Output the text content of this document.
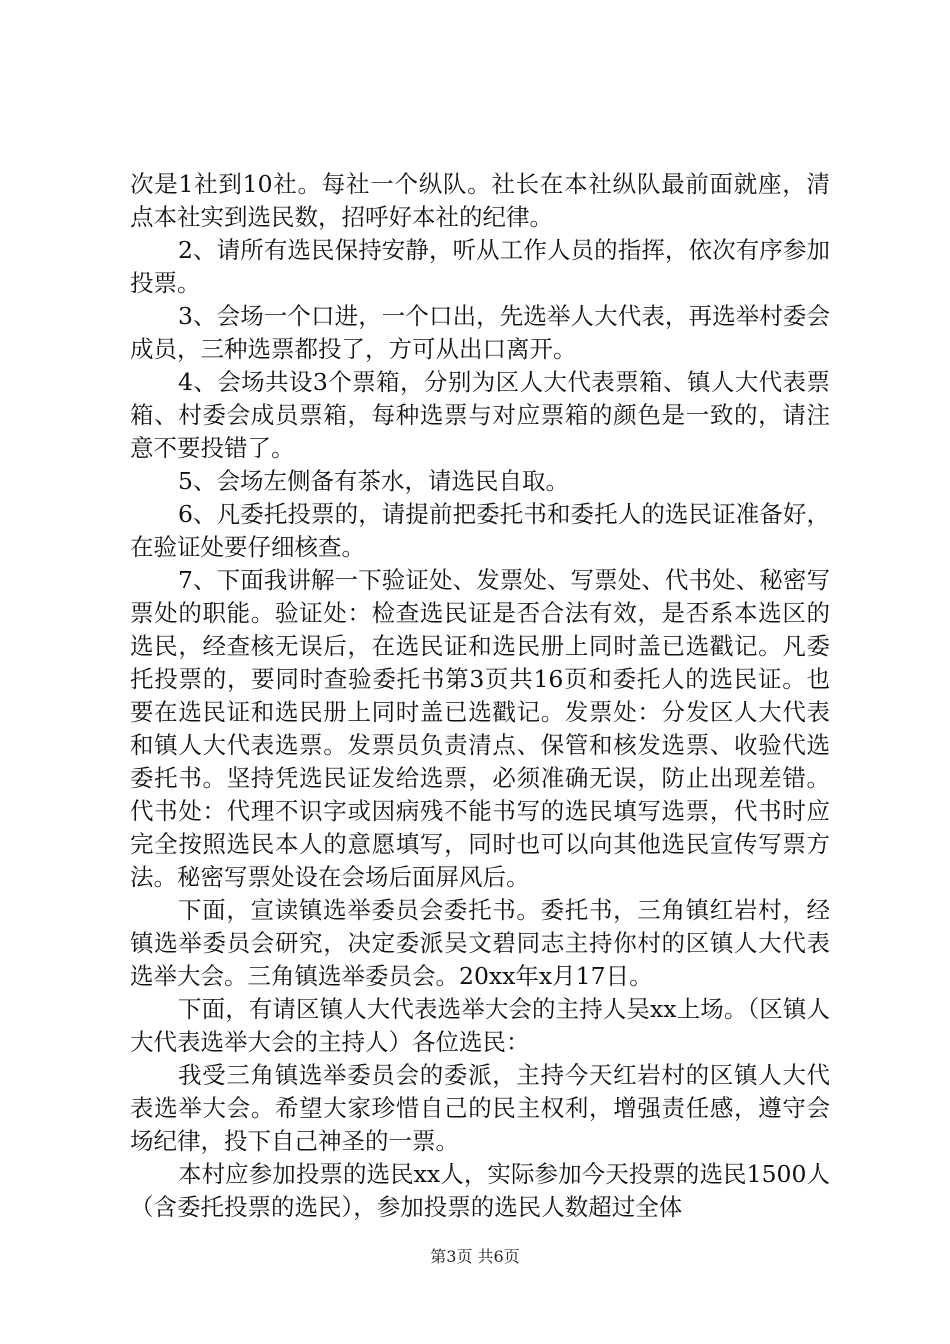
次是1社到10社。每社一个纵队。社长在本社纵队最前面就座，清点本社实到选民数，招呼好本社的纪律。

2、请所有选民保持安静，听从工作人员的指挥，依次有序参加投票。

3、会场一个口进，一个口出，先选举人大代表，再选举村委会成员，三种选票都投了，方可从出口离开。

4、会场共设3个票箱，分别为区人大代表票箱、镇人大代表票箱、村委会成员票箱，每种选票与对应票箱的颜色是一致的，请注意不要投错了。

5、会场左侧备有茶水，请选民自取。

6、凡委托投票的，请提前把委托书和委托人的选民证准备好，在验证处要仔细核查。

7、下面我讲解一下验证处、发票处、写票处、代书处、秘密写票处的职能。验证处：检查选民证是否合法有效，是否系本选区的选民，经查核无误后，在选民证和选民册上同时盖已选戳记。凡委托投票的，要同时查验委托书第3页共16页和委托人的选民证。也要在选民证和选民册上同时盖已选戳记。发票处：分发区人大代表和镇人大代表选票。发票员负责清点、保管和核发选票、收验代选委托书。坚持凭选民证发给选票，必须准确无误，防止出现差错。代书处：代理不识字或因病残不能书写的选民填写选票，代书时应完全按照选民本人的意愿填写，同时也可以向其他选民宣传写票方法。秘密写票处设在会场后面屏风后。

下面，宣读镇选举委员会委托书。委托书，三角镇红岩村，经镇选举委员会研究，决定委派吴文碧同志主持你村的区镇人大代表选举大会。三角镇选举委员会。20xx年x月17日。

下面，有请区镇人大代表选举大会的主持人吴xx上场。（区镇人大代表选举大会的主持人）各位选民：

我受三角镇选举委员会的委派，主持今天红岩村的区镇人大代表选举大会。希望大家珍惜自己的民主权利，增强责任感，遵守会场纪律，投下自己神圣的一票。

本村应参加投票的选民xx人，实际参加今天投票的选民1500人（含委托投票的选民），参加投票的选民人数超过全体

第3页 共6页
